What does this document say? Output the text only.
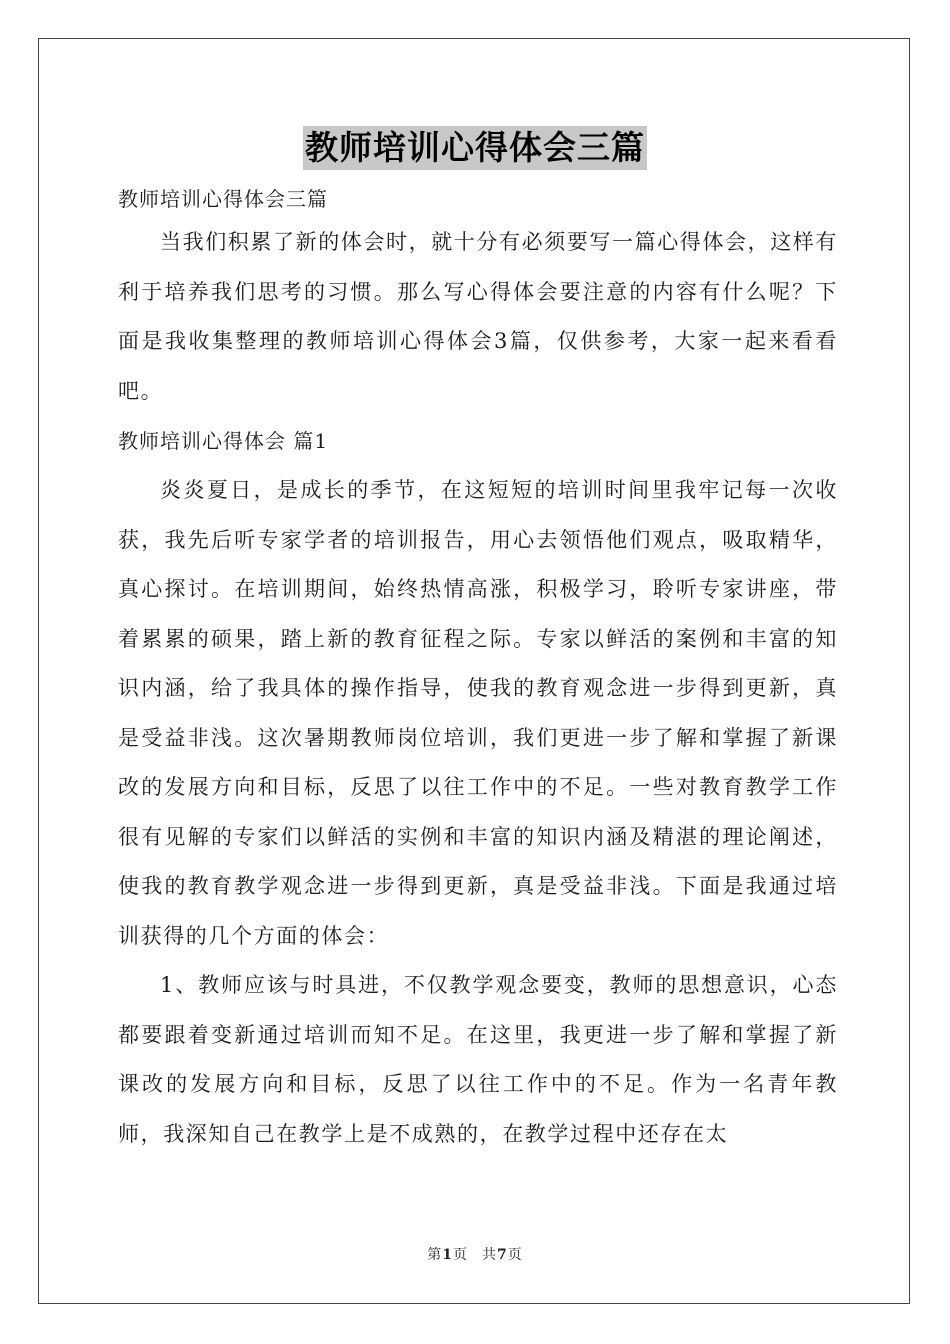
教师培训心得体会三篇

教师培训心得体会三篇

当我们积累了新的体会时，就十分有必须要写一篇心得体会，这样有利于培养我们思考的习惯。那么写心得体会要注意的内容有什么呢？下面是我收集整理的教师培训心得体会3篇，仅供参考，大家一起来看看吧。

教师培训心得体会 篇1

炎炎夏日，是成长的季节，在这短短的培训时间里我牢记每一次收获，我先后听专家学者的培训报告，用心去领悟他们观点，吸取精华，真心探讨。在培训期间，始终热情高涨，积极学习，聆听专家讲座，带着累累的硕果，踏上新的教育征程之际。专家以鲜活的案例和丰富的知识内涵，给了我具体的操作指导，使我的教育观念进一步得到更新，真是受益非浅。这次暑期教师岗位培训，我们更进一步了解和掌握了新课改的发展方向和目标，反思了以往工作中的不足。一些对教育教学工作很有见解的专家们以鲜活的实例和丰富的知识内涵及精湛的理论阐述，使我的教育教学观念进一步得到更新，真是受益非浅。下面是我通过培训获得的几个方面的体会：

1、教师应该与时具进，不仅教学观念要变，教师的思想意识，心态都要跟着变新通过培训而知不足。在这里，我更进一步了解和掌握了新课改的发展方向和目标，反思了以往工作中的不足。作为一名青年教师，我深知自己在教学上是不成熟的，在教学过程中还存在太

第1页 共7页
